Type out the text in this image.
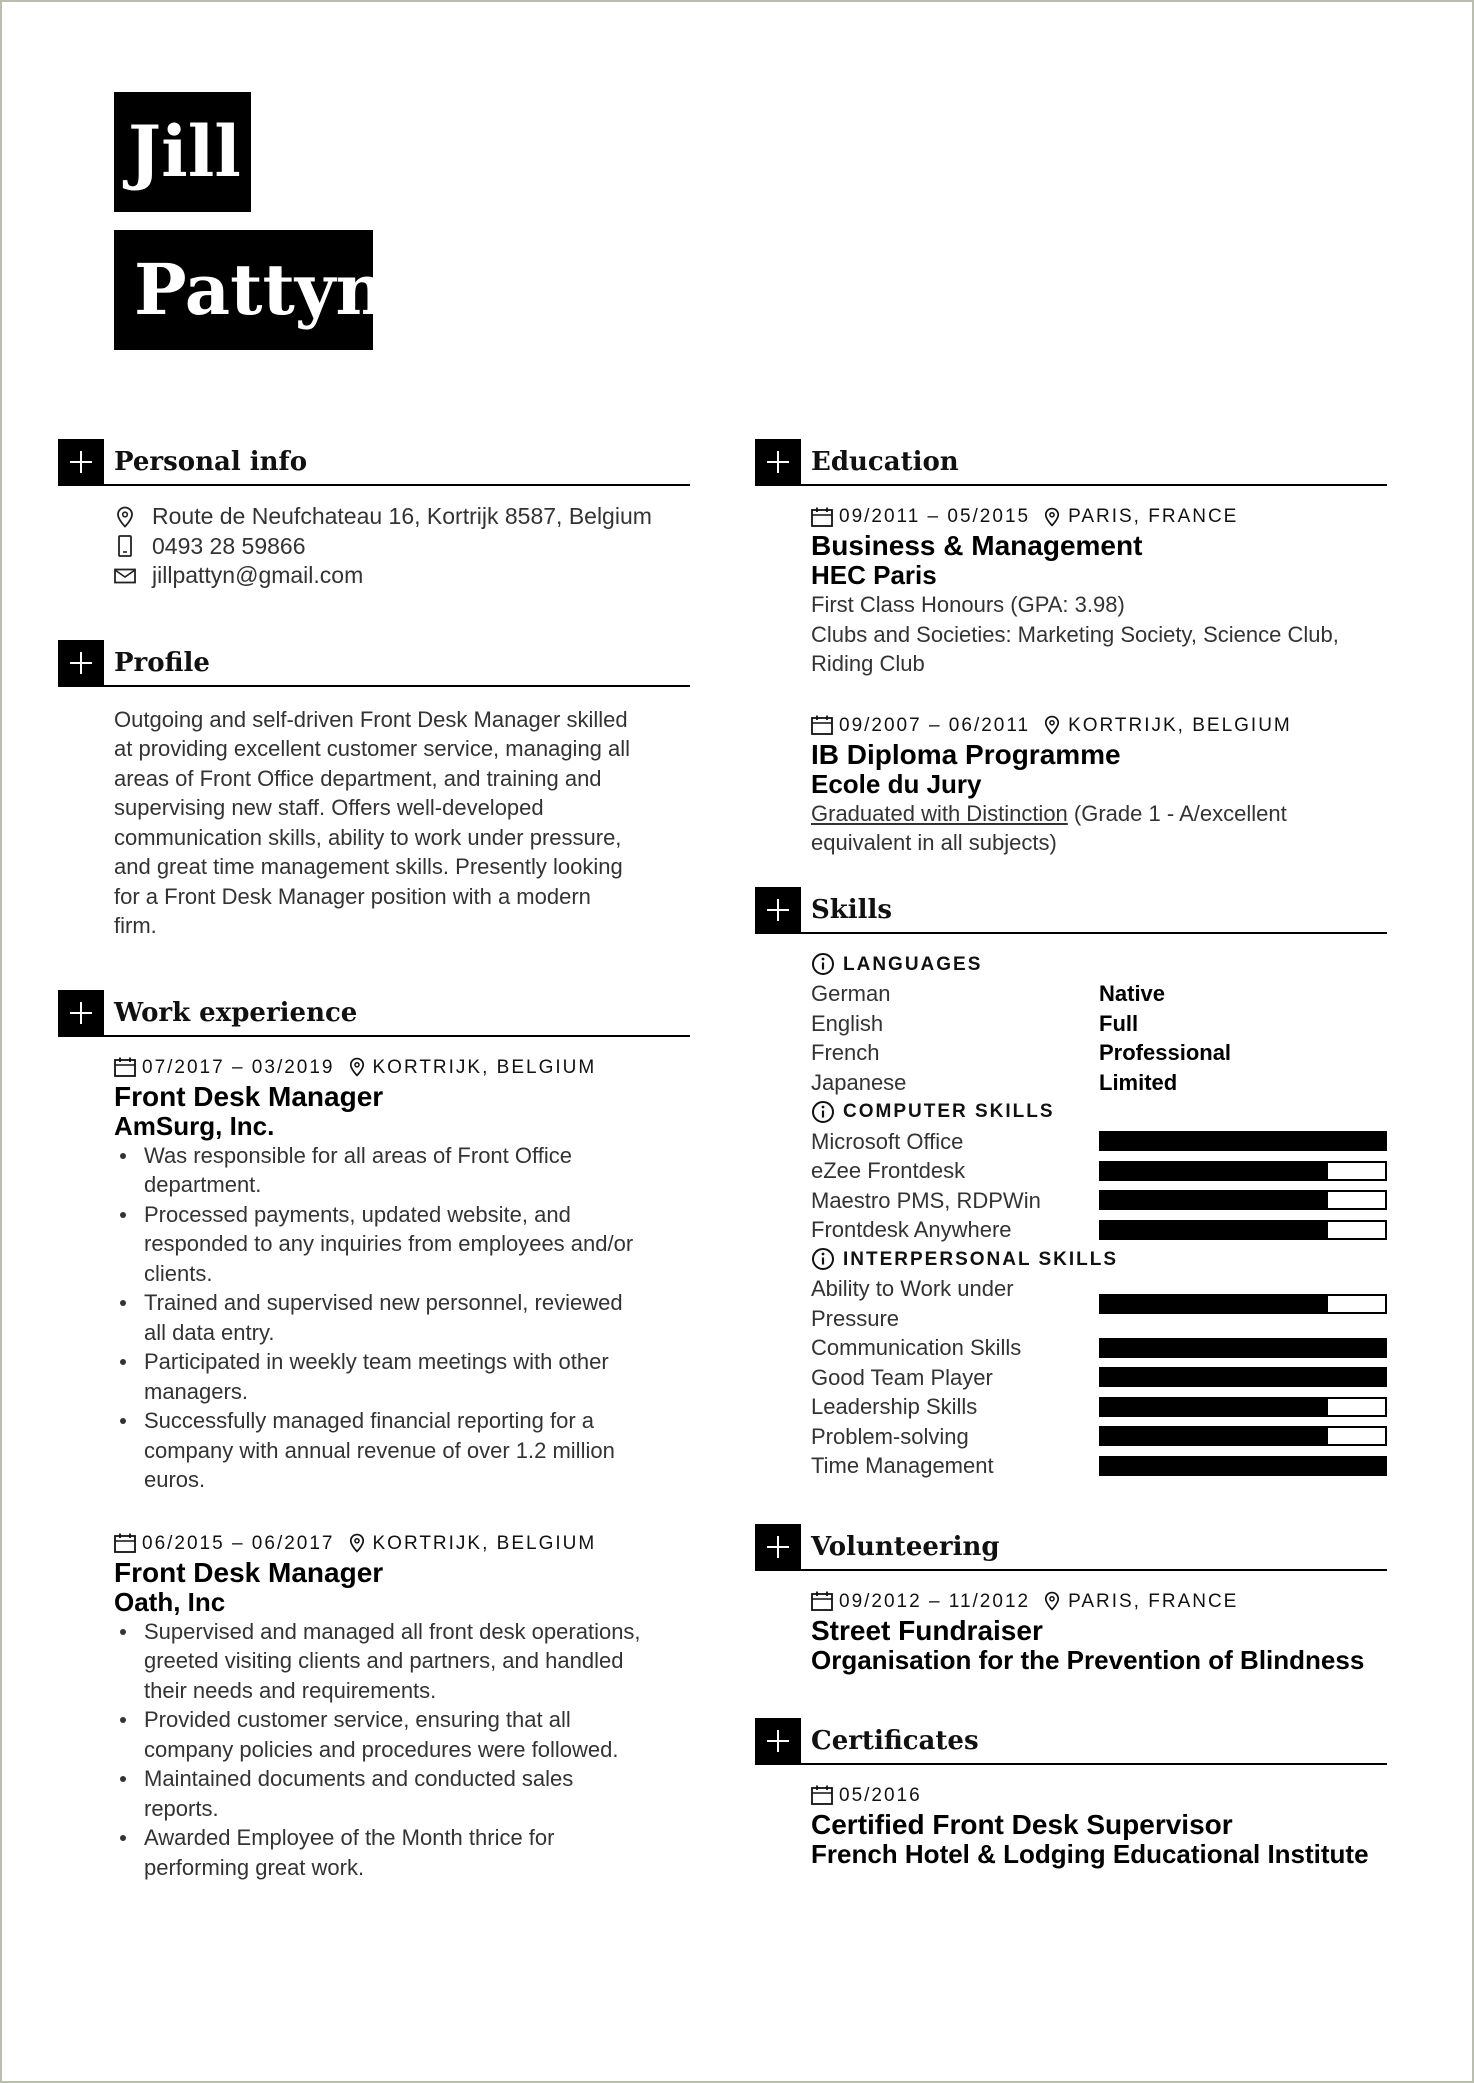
Jill
Pattyn
Personal info
Route de Neufchateau 16, Kortrijk 8587, Belgium
0493 28 59866
jillpattyn@gmail.com
Profile
Outgoing and self-driven Front Desk Manager skilled
at providing excellent customer service, managing all
areas of Front Office department, and training and
supervising new staff. Offers well-developed
communication skills, ability to work under pressure,
and great time management skills. Presently looking
for a Front Desk Manager position with a modern
firm.
Work experience
07/2017 – 03/2019 KORTRIJK, BELGIUM
Front Desk Manager
AmSurg, Inc.
Was responsible for all areas of Front Office
department.
Processed payments, updated website, and
responded to any inquiries from employees and/or
clients.
Trained and supervised new personnel, reviewed
all data entry.
Participated in weekly team meetings with other
managers.
Successfully managed financial reporting for a
company with annual revenue of over 1.2 million
euros.
06/2015 – 06/2017 KORTRIJK, BELGIUM
Front Desk Manager
Oath, Inc
Supervised and managed all front desk operations,
greeted visiting clients and partners, and handled
their needs and requirements.
Provided customer service, ensuring that all
company policies and procedures were followed.
Maintained documents and conducted sales
reports.
Awarded Employee of the Month thrice for
performing great work.
Education
09/2011 – 05/2015 PARIS, FRANCE
Business & Management
HEC Paris
First Class Honours (GPA: 3.98)
Clubs and Societies: Marketing Society, Science Club,
Riding Club
09/2007 – 06/2011 KORTRIJK, BELGIUM
IB Diploma Programme
Ecole du Jury
Graduated with Distinction (Grade 1 - A/excellent
equivalent in all subjects)
Skills
LANGUAGES
German	Native
English	Full
French	Professional
Japanese	Limited
COMPUTER SKILLS
Microsoft Office
eZee Frontdesk
Maestro PMS, RDPWin
Frontdesk Anywhere
INTERPERSONAL SKILLS
Ability to Work under
Pressure
Communication Skills
Good Team Player
Leadership Skills
Problem-solving
Time Management
Volunteering
09/2012 – 11/2012 PARIS, FRANCE
Street Fundraiser
Organisation for the Prevention of Blindness
Certificates
05/2016
Certified Front Desk Supervisor
French Hotel & Lodging Educational Institute
